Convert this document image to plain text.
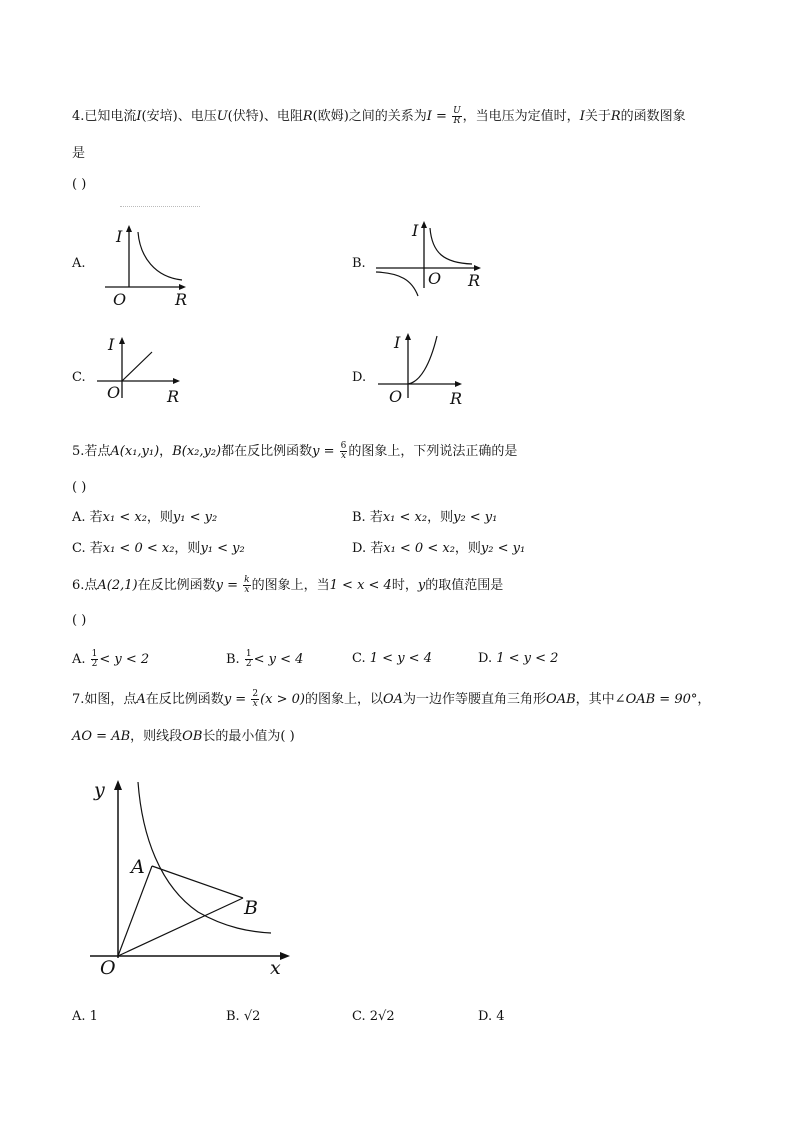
4.已知电流I(安培)、电压U(伏特)、电阻R(欧姆)之间的关系为$I = \frac{U}{R}$ ，当电压为定值时，I关于R的函数图象
是
( )
A.
I
O	R
B.
I
O R
C.
I
O	R
D.
I
O	R
5.若点A(x₁,y₁)，B(x₂,y₂)都在反比例函数$y = \frac{6}{x}$ 的图象上，下列说法正确的是
( )
A. 若x₁ < x₂，则y₁ < y₂	B. 若x₁ < x₂，则y₂ < y₁
C. 若x₁ < 0 < x₂，则y₁ < y₂	D. 若x₁ < 0 < x₂，则y₂ < y₁
6.点A(2,1)在反比例函数$y = \frac{k}{x}$ 的图象上，当1 < x < 4时，y的取值范围是
( )
A. $\frac{1}{2} < y < 2$	B. $\frac{1}{2} < y < 4$	C. 1 < y < 4	D. 1 < y < 2
7.如图，点A在反比例函数$y = \frac{2}{x} (x > 0)$的图象上，以OA为一边作等腰直角三角形OAB，其中∠OAB = 90°，
AO = AB，则线段OB长的最小值为( )
y
O	x
A
B
A. 1	B. √2	C. 2√2	D. 4
